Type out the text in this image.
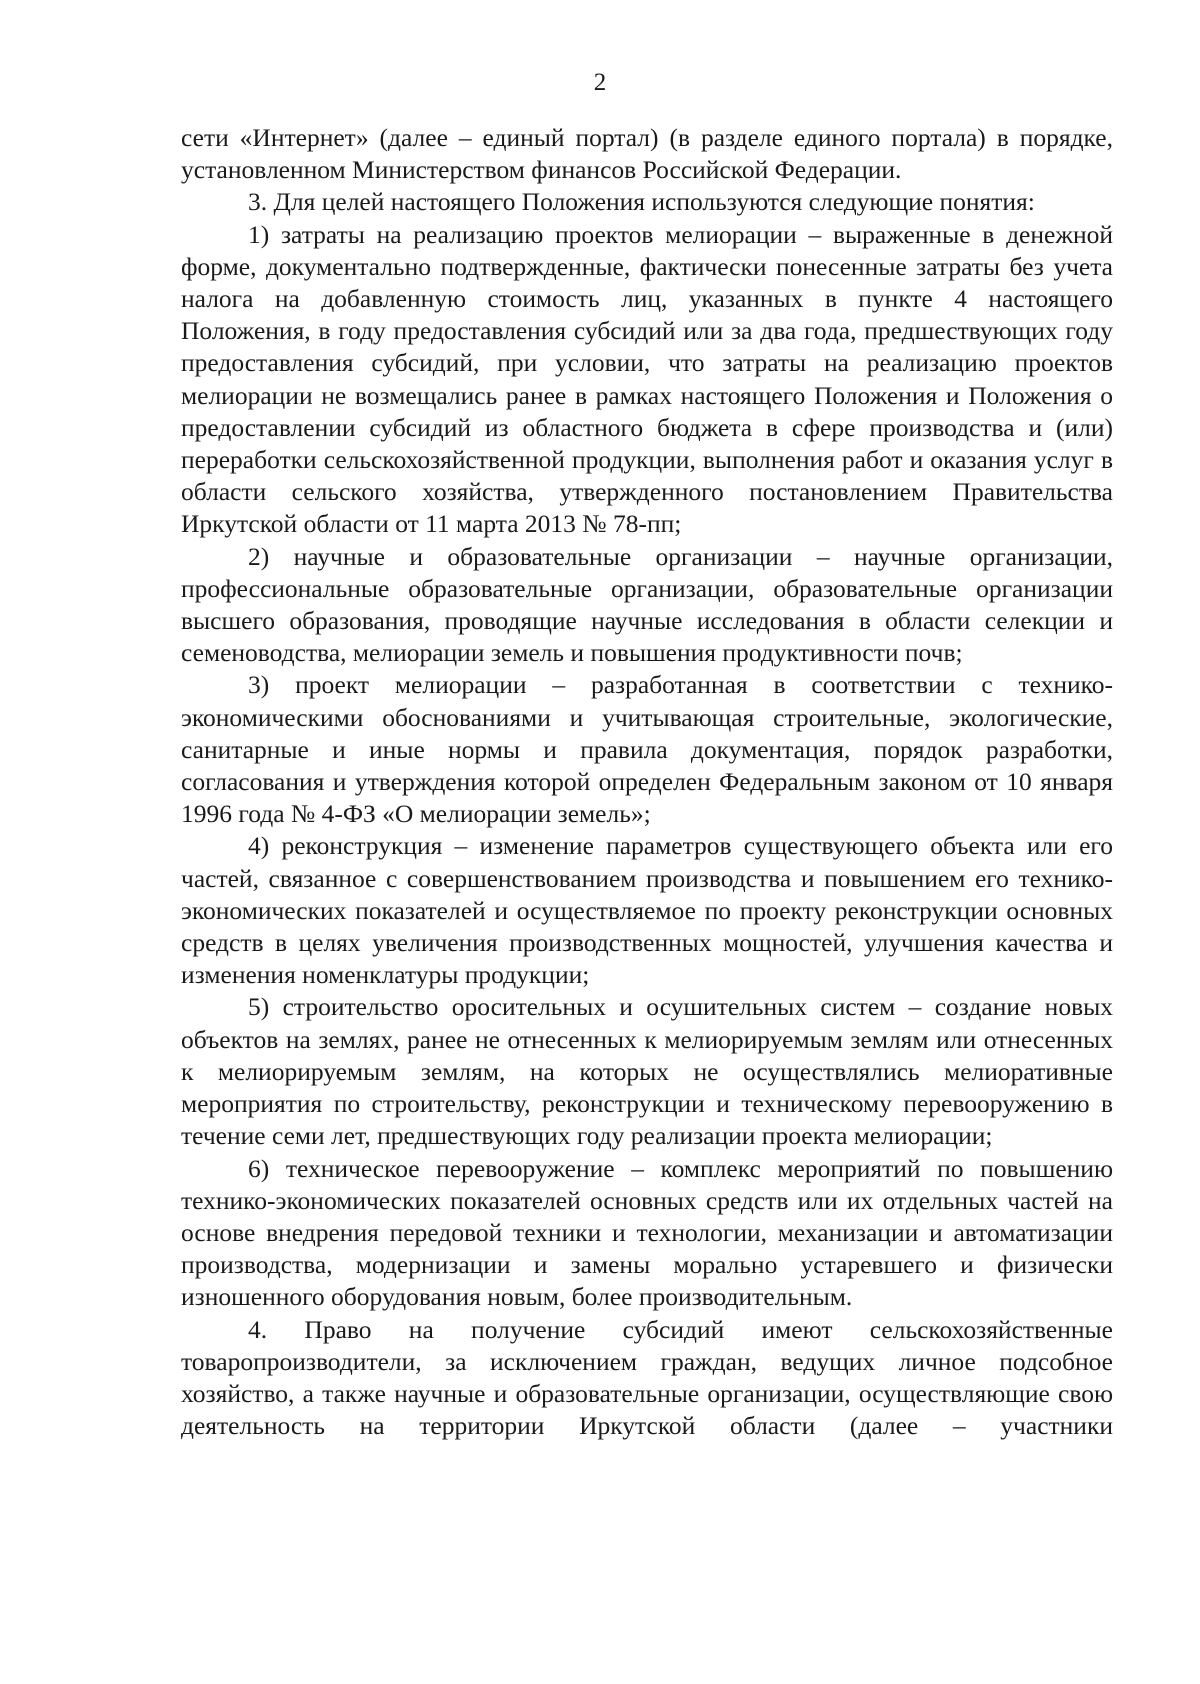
2

сети «Интернет» (далее – единый портал) (в разделе единого портала) в порядке, установленном Министерством финансов Российской Федерации.

3. Для целей настоящего Положения используются следующие понятия:

1) затраты на реализацию проектов мелиорации – выраженные в денежной форме, документально подтвержденные, фактически понесенные затраты без учета налога на добавленную стоимость лиц, указанных в пункте 4 настоящего Положения, в году предоставления субсидий или за два года, предшествующих году предоставления субсидий, при условии, что затраты на реализацию проектов мелиорации не возмещались ранее в рамках настоящего Положения и Положения о предоставлении субсидий из областного бюджета в сфере производства и (или) переработки сельскохозяйственной продукции, выполнения работ и оказания услуг в области сельского хозяйства, утвержденного постановлением Правительства Иркутской области от 11 марта 2013 № 78-пп;

2) научные и образовательные организации – научные организации, профессиональные образовательные организации, образовательные организации высшего образования, проводящие научные исследования в области селекции и семеноводства, мелиорации земель и повышения продуктивности почв;

3) проект мелиорации – разработанная в соответствии с технико-экономическими обоснованиями и учитывающая строительные, экологические, санитарные и иные нормы и правила документация, порядок разработки, согласования и утверждения которой определен Федеральным законом от 10 января 1996 года № 4-ФЗ «О мелиорации земель»;

4) реконструкция – изменение параметров существующего объекта или его частей, связанное с совершенствованием производства и повышением его технико-экономических показателей и осуществляемое по проекту реконструкции основных средств в целях увеличения производственных мощностей, улучшения качества и изменения номенклатуры продукции;

5) строительство оросительных и осушительных систем – создание новых объектов на землях, ранее не отнесенных к мелиорируемым землям или отнесенных к мелиорируемым землям, на которых не осуществлялись мелиоративные мероприятия по строительству, реконструкции и техническому перевооружению в течение семи лет, предшествующих году реализации проекта мелиорации;

6) техническое перевооружение – комплекс мероприятий по повышению технико-экономических показателей основных средств или их отдельных частей на основе внедрения передовой техники и технологии, механизации и автоматизации производства, модернизации и замены морально устаревшего и физически изношенного оборудования новым, более производительным.

4. Право на получение субсидий имеют сельскохозяйственные товаропроизводители, за исключением граждан, ведущих личное подсобное хозяйство, а также научные и образовательные организации, осуществляющие свою деятельность на территории Иркутской области (далее – участники
